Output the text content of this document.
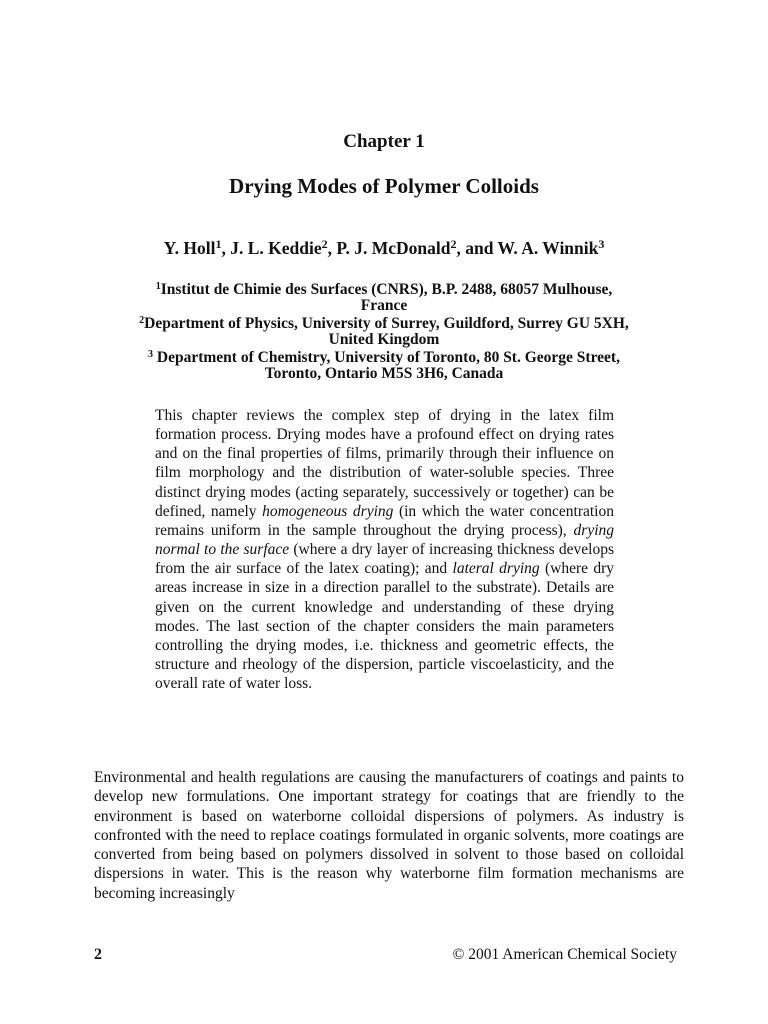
Chapter 1
Drying Modes of Polymer Colloids
Y. Holl$^1$, J. L. Keddie$^2$, P. J. McDonald$^2$, and W. A. Winnik$^3$
$^1$Institut de Chimie des Surfaces (CNRS), B.P. 2488, 68057 Mulhouse,
France
$^2$Department of Physics, University of Surrey, Guildford, Surrey GU 5XH,
United Kingdom
$^3$ Department of Chemistry, University of Toronto, 80 St. George Street,
Toronto, Ontario M5S 3H6, Canada
This chapter reviews the complex step of drying in the latex film formation process. Drying modes have a profound effect on drying rates and on the final properties of films, primarily through their influence on film morphology and the distribution of water-soluble species. Three distinct drying modes (acting separately, successively or together) can be defined, namely homogeneous drying (in which the water concentration remains uniform in the sample throughout the drying process), drying normal to the surface (where a dry layer of increasing thickness develops from the air surface of the latex coating); and lateral drying (where dry areas increase in size in a direction parallel to the substrate). Details are given on the current knowledge and understanding of these drying modes. The last section of the chapter considers the main parameters controlling the drying modes, i.e. thickness and geometric effects, the structure and rheology of the dispersion, particle viscoelasticity, and the overall rate of water loss.
Environmental and health regulations are causing the manufacturers of coatings and paints to develop new formulations. One important strategy for coatings that are friendly to the environment is based on waterborne colloidal dispersions of polymers. As industry is confronted with the need to replace coatings formulated in organic solvents, more coatings are converted from being based on polymers dissolved in solvent to those based on colloidal dispersions in water. This is the reason why waterborne film formation mechanisms are becoming increasingly
2	© 2001 American Chemical Society
